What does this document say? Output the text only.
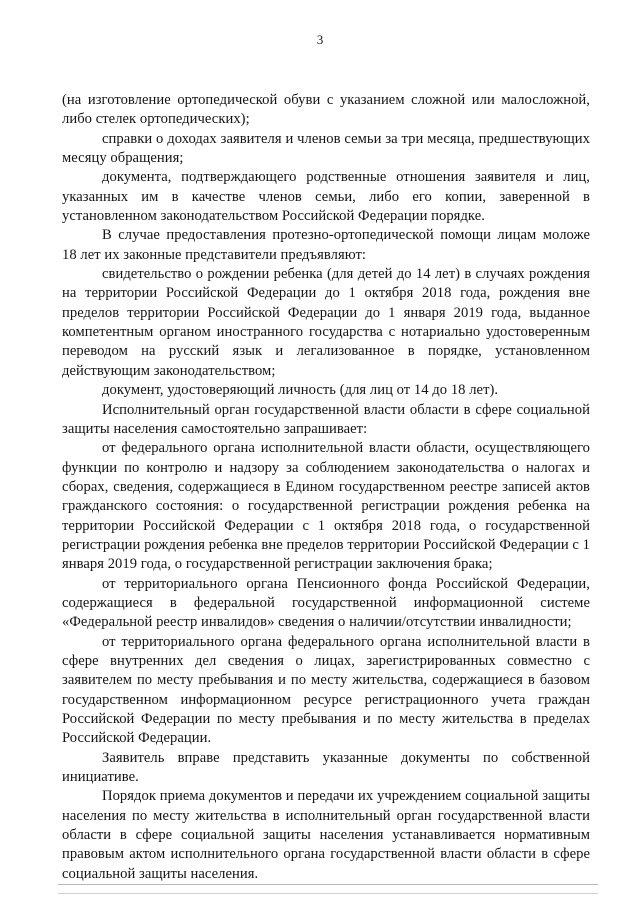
3

(на изготовление ортопедической обуви с указанием сложной или малосложной, либо стелек ортопедических);

справки о доходах заявителя и членов семьи за три месяца, предшествующих месяцу обращения;

документа, подтверждающего родственные отношения заявителя и лиц, указанных им в качестве членов семьи, либо его копии, заверенной в установленном законодательством Российской Федерации порядке.

В случае предоставления протезно-ортопедической помощи лицам моложе 18 лет их законные представители предъявляют:

свидетельство о рождении ребенка (для детей до 14 лет) в случаях рождения на территории Российской Федерации до 1 октября 2018 года, рождения вне пределов территории Российской Федерации до 1 января 2019 года, выданное компетентным органом иностранного государства с нотариально удостоверенным переводом на русский язык и легализованное в порядке, установленном действующим законодательством;

документ, удостоверяющий личность (для лиц от 14 до 18 лет).

Исполнительный орган государственной власти области в сфере социальной защиты населения самостоятельно запрашивает:

от федерального органа исполнительной власти области, осуществляющего функции по контролю и надзору за соблюдением законодательства о налогах и сборах, сведения, содержащиеся в Едином государственном реестре записей актов гражданского состояния: о государственной регистрации рождения ребенка на территории Российской Федерации с 1 октября 2018 года, о государственной регистрации рождения ребенка вне пределов территории Российской Федерации с 1 января 2019 года, о государственной регистрации заключения брака;

от территориального органа Пенсионного фонда Российской Федерации, содержащиеся в федеральной государственной информационной системе «Федеральной реестр инвалидов» сведения о наличии/отсутствии инвалидности;

от территориального органа федерального органа исполнительной власти в сфере внутренних дел сведения о лицах, зарегистрированных совместно с заявителем по месту пребывания и по месту жительства, содержащиеся в базовом государственном информационном ресурсе регистрационного учета граждан Российской Федерации по месту пребывания и по месту жительства в пределах Российской Федерации.

Заявитель вправе представить указанные документы по собственной инициативе.

Порядок приема документов и передачи их учреждением социальной защиты населения по месту жительства в исполнительный орган государственной власти области в сфере социальной защиты населения устанавливается нормативным правовым актом исполнительного органа государственной власти области в сфере социальной защиты населения.
